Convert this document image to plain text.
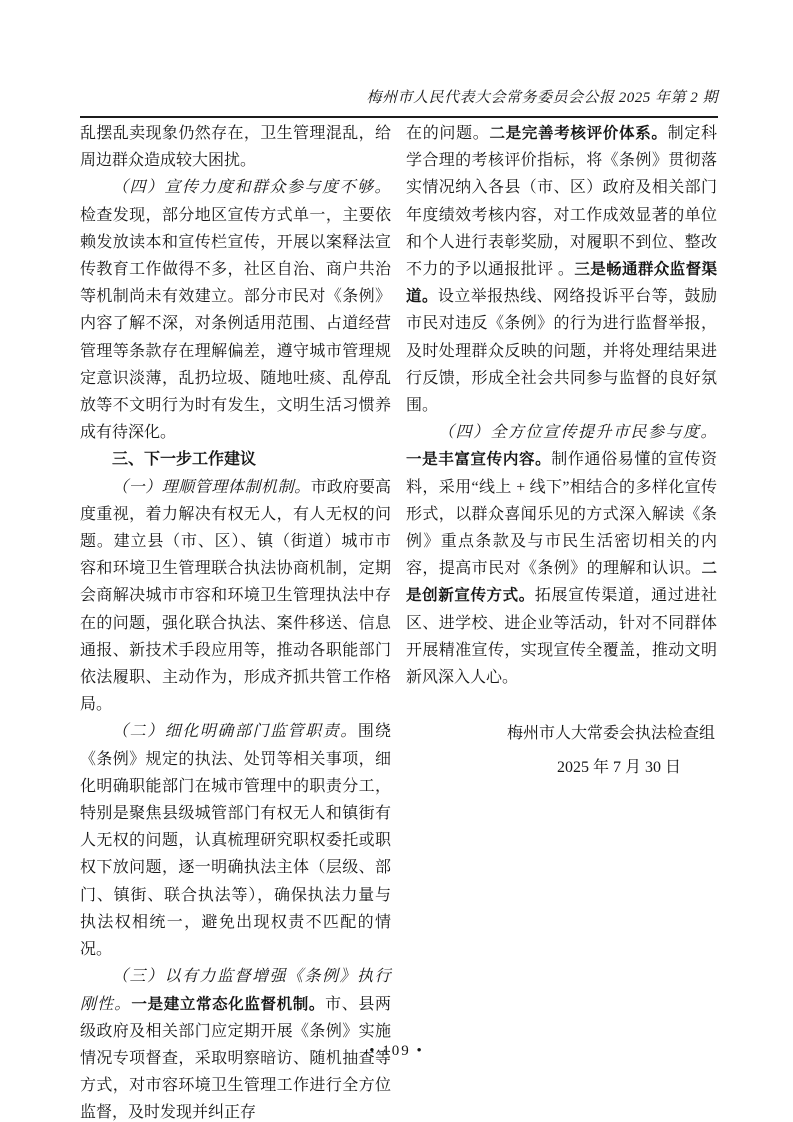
梅州市人民代表大会常务委员会公报 2025 年第 2 期

乱摆乱卖现象仍然存在，卫生管理混乱，给周边群众造成较大困扰。

（四）宣传力度和群众参与度不够。检查发现，部分地区宣传方式单一，主要依赖发放读本和宣传栏宣传，开展以案释法宣传教育工作做得不多，社区自治、商户共治等机制尚未有效建立。部分市民对《条例》内容了解不深，对条例适用范围、占道经营管理等条款存在理解偏差，遵守城市管理规定意识淡薄，乱扔垃圾、随地吐痰、乱停乱放等不文明行为时有发生，文明生活习惯养成有待深化。

三、下一步工作建议

（一）理顺管理体制机制。市政府要高度重视，着力解决有权无人，有人无权的问题。建立县（市、区）、镇（街道）城市市容和环境卫生管理联合执法协商机制，定期会商解决城市市容和环境卫生管理执法中存在的问题，强化联合执法、案件移送、信息通报、新技术手段应用等，推动各职能部门依法履职、主动作为，形成齐抓共管工作格局。

（二）细化明确部门监管职责。围绕《条例》规定的执法、处罚等相关事项，细化明确职能部门在城市管理中的职责分工，特别是聚焦县级城管部门有权无人和镇街有人无权的问题，认真梳理研究职权委托或职权下放问题，逐一明确执法主体（层级、部门、镇街、联合执法等），确保执法力量与执法权相统一，避免出现权责不匹配的情况。

（三）以有力监督增强《条例》执行刚性。一是建立常态化监督机制。市、县两级政府及相关部门应定期开展《条例》实施情况专项督查，采取明察暗访、随机抽查等方式，对市容环境卫生管理工作进行全方位监督，及时发现并纠正存

在的问题。二是完善考核评价体系。制定科学合理的考核评价指标，将《条例》贯彻落实情况纳入各县（市、区）政府及相关部门年度绩效考核内容，对工作成效显著的单位和个人进行表彰奖励，对履职不到位、整改不力的予以通报批评 。三是畅通群众监督渠道。设立举报热线、网络投诉平台等，鼓励市民对违反《条例》的行为进行监督举报，及时处理群众反映的问题，并将处理结果进行反馈，形成全社会共同参与监督的良好氛围。

（四）全方位宣传提升市民参与度。一是丰富宣传内容。制作通俗易懂的宣传资料，采用“线上 + 线下”相结合的多样化宣传形式，以群众喜闻乐见的方式深入解读《条例》重点条款及与市民生活密切相关的内容，提高市民对《条例》的理解和认识。二是创新宣传方式。拓展宣传渠道，通过进社区、进学校、进企业等活动，针对不同群体开展精准宣传，实现宣传全覆盖，推动文明新风深入人心。

梅州市人大常委会执法检查组
2025 年 7 月 30 日
• 109 •
